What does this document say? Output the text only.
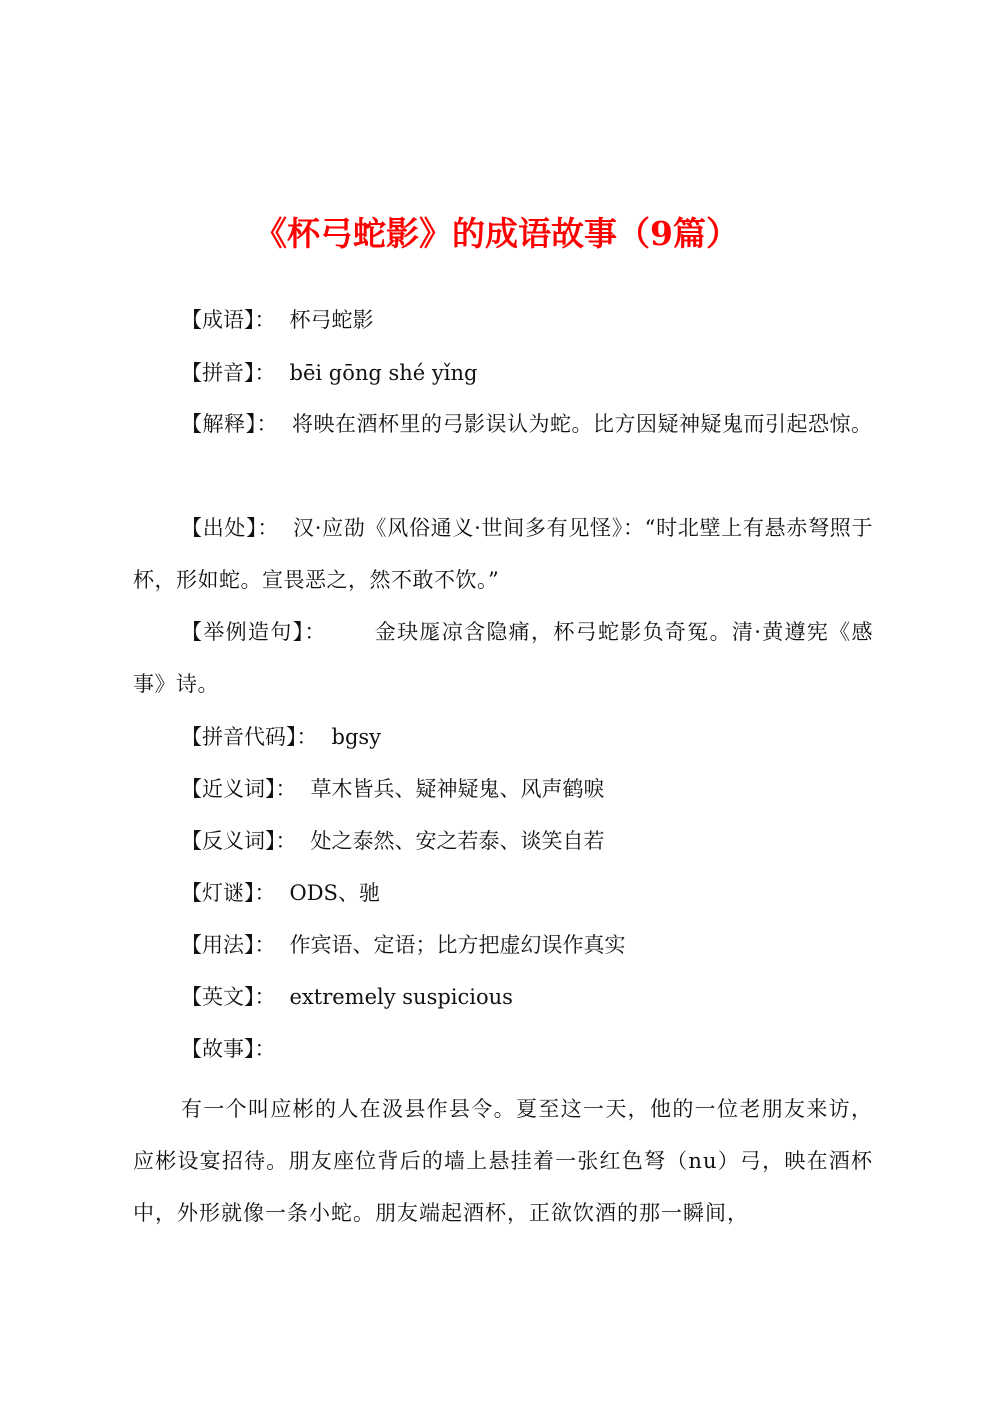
《杯弓蛇影》的成语故事（9篇）
【成语】： 杯弓蛇影
【拼音】： bēi gōng shé yǐng
【解释】： 将映在酒杯里的弓影误认为蛇。比方因疑神疑鬼而引起恐惊。
【出处】： 汉·应劭《风俗通义·世间多有见怪》：“时北壁上有悬赤弩照于杯，形如蛇。宣畏恶之，然不敢不饮。”
【举例造句】： 金玦厖凉含隐痛，杯弓蛇影负奇冤。清·黄遵宪《感事》诗。
【拼音代码】： bgsy
【近义词】： 草木皆兵、疑神疑鬼、风声鹤唳
【反义词】： 处之泰然、安之若泰、谈笑自若
【灯谜】： ODS、驰
【用法】： 作宾语、定语；比方把虚幻误作真实
【英文】： extremely suspicious
【故事】：
有一个叫应彬的人在汲县作县令。夏至这一天，他的一位老朋友来访，应彬设宴招待。朋友座位背后的墙上悬挂着一张红色弩（nu）弓，映在酒杯中，外形就像一条小蛇。朋友端起酒杯，正欲饮酒的那一瞬间，
